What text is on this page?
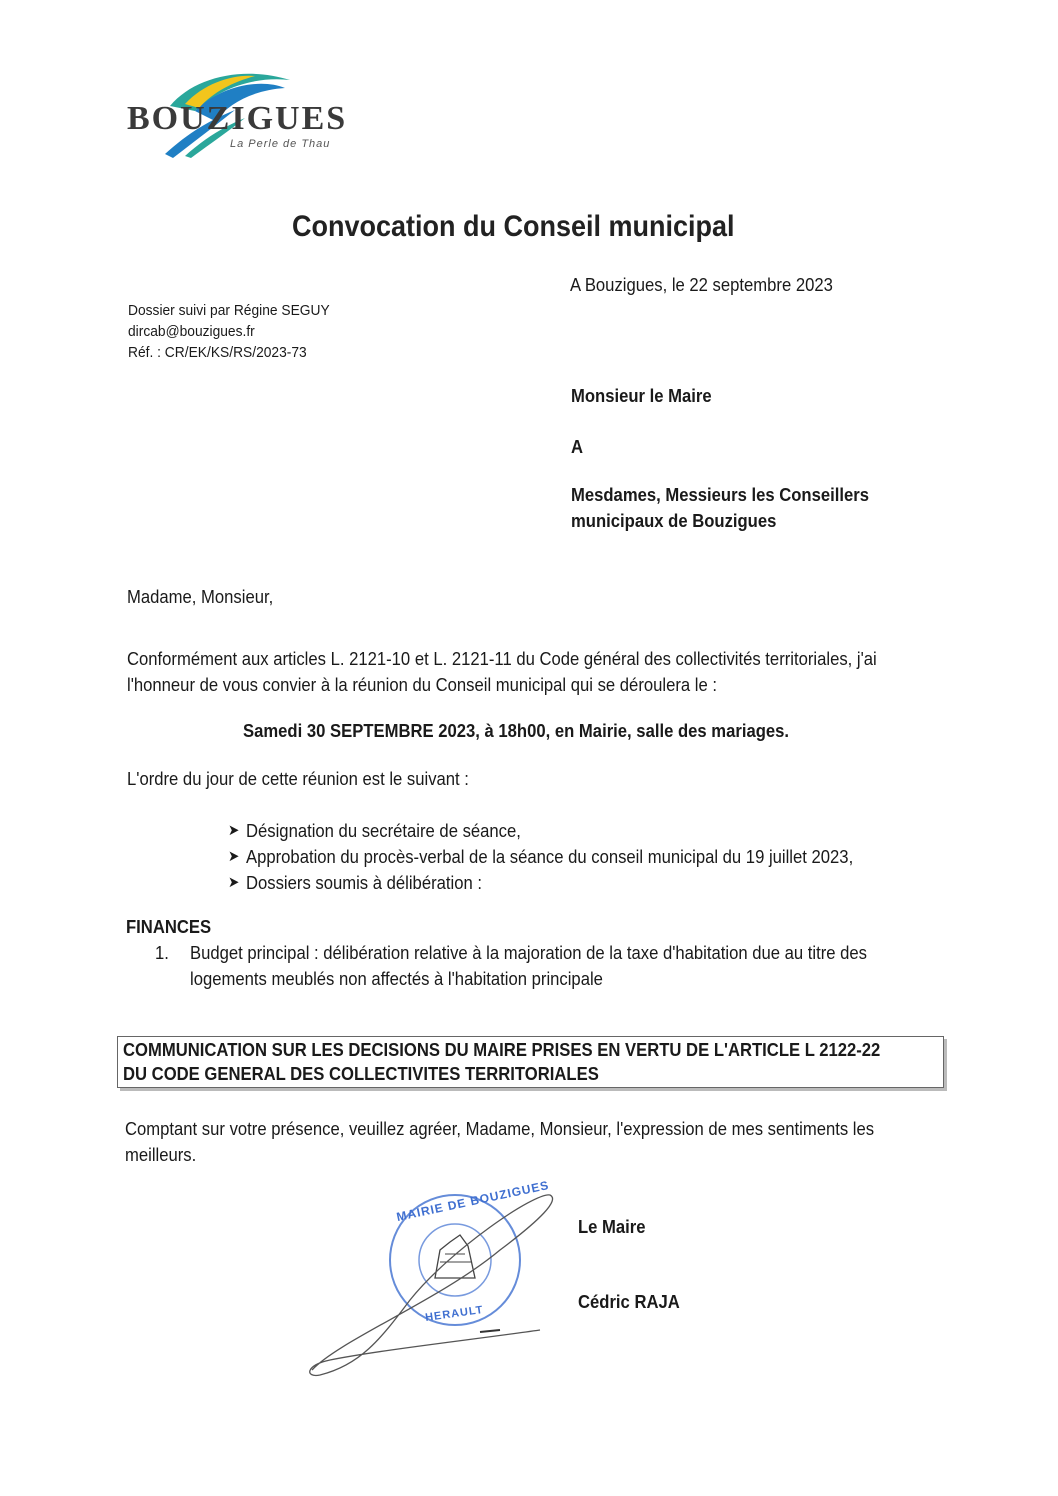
BOUZIGUES
La Perle de Thau
Convocation du Conseil municipal
A Bouzigues, le 22 septembre 2023
Dossier suivi par Régine SEGUY
dircab@bouzigues.fr
Réf. : CR/EK/KS/RS/2023-73
Monsieur le Maire
A
Mesdames, Messieurs les Conseillers
municipaux de Bouzigues
Madame, Monsieur,
Conformément aux articles L. 2121-10 et L. 2121-11 du Code général des collectivités territoriales, j'ai
l'honneur de vous convier à la réunion du Conseil municipal qui se déroulera le :
Samedi 30 SEPTEMBRE 2023, à 18h00, en Mairie, salle des mariages.
L'ordre du jour de cette réunion est le suivant :
➤ Désignation du secrétaire de séance,
➤ Approbation du procès-verbal de la séance du conseil municipal du 19 juillet 2023,
➤ Dossiers soumis à délibération :
FINANCES
1. Budget principal : délibération relative à la majoration de la taxe d'habitation due au titre des
logements meublés non affectés à l'habitation principale
COMMUNICATION SUR LES DECISIONS DU MAIRE PRISES EN VERTU DE L'ARTICLE L 2122-22
DU CODE GENERAL DES COLLECTIVITES TERRITORIALES
Comptant sur votre présence, veuillez agréer, Madame, Monsieur, l'expression de mes sentiments les
meilleurs.
MAIRIE DE BOUZIGUES
HERAULT
Le Maire
Cédric RAJA
